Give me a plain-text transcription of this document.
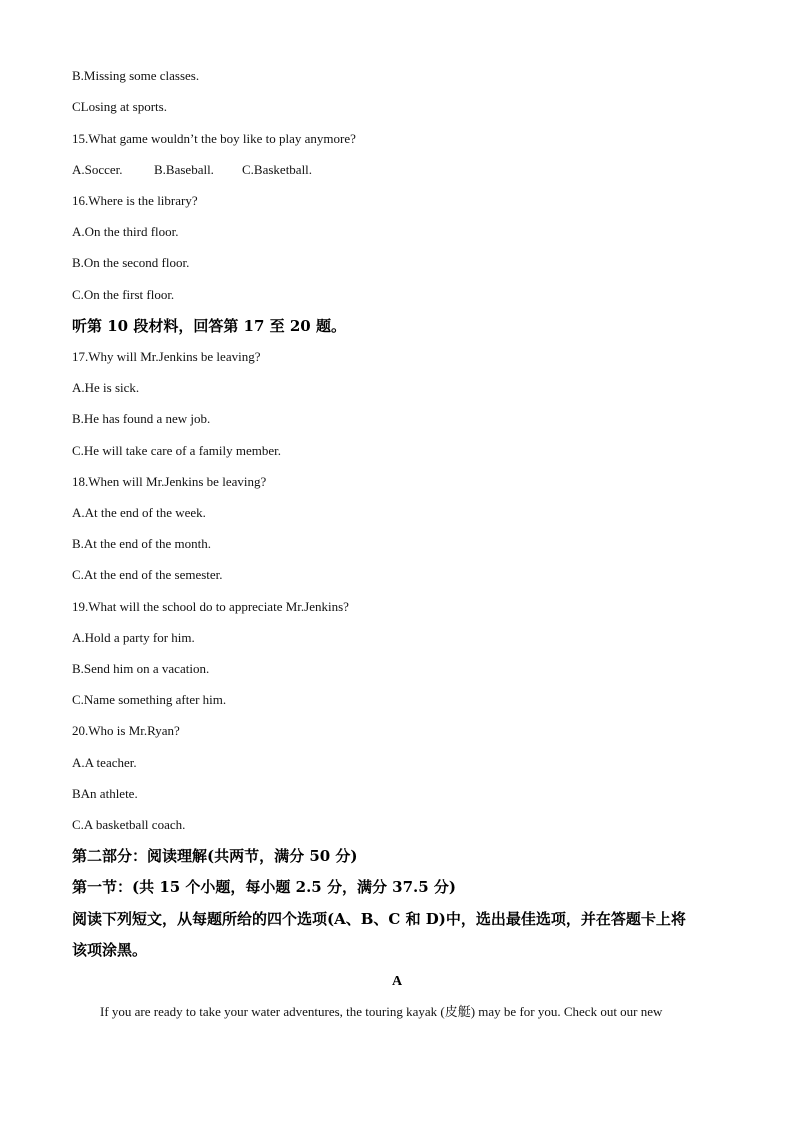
B.Missing some classes.
CLosing at sports.
15.What game wouldn’t the boy like to play anymore?
A.Soccer. B.Baseball. C.Basketball.
16.Where is the library?
A.On the third floor.
B.On the second floor.
C.On the first floor.
听第 10 段材料，回答第 17 至 20 题。
17.Why will Mr.Jenkins be leaving?
A.He is sick.
B.He has found a new job.
C.He will take care of a family member.
18.When will Mr.Jenkins be leaving?
A.At the end of the week.
B.At the end of the month.
C.At the end of the semester.
19.What will the school do to appreciate Mr.Jenkins?
A.Hold a party for him.
B.Send him on a vacation.
C.Name something after him.
20.Who is Mr.Ryan?
A.A teacher.
BAn athlete.
C.A basketball coach.
第二部分：阅读理解(共两节，满分 50 分)
第一节：(共 15 个小题，每小题 2.5 分，满分 37.5 分)
阅读下列短文，从每题所给的四个选项(A、B、C 和 D)中，选出最佳选项，并在答题卡上将
该项涂黑。
A
If you are ready to take your water adventures, the touring kayak (皮艇) may be for you. Check out our new
